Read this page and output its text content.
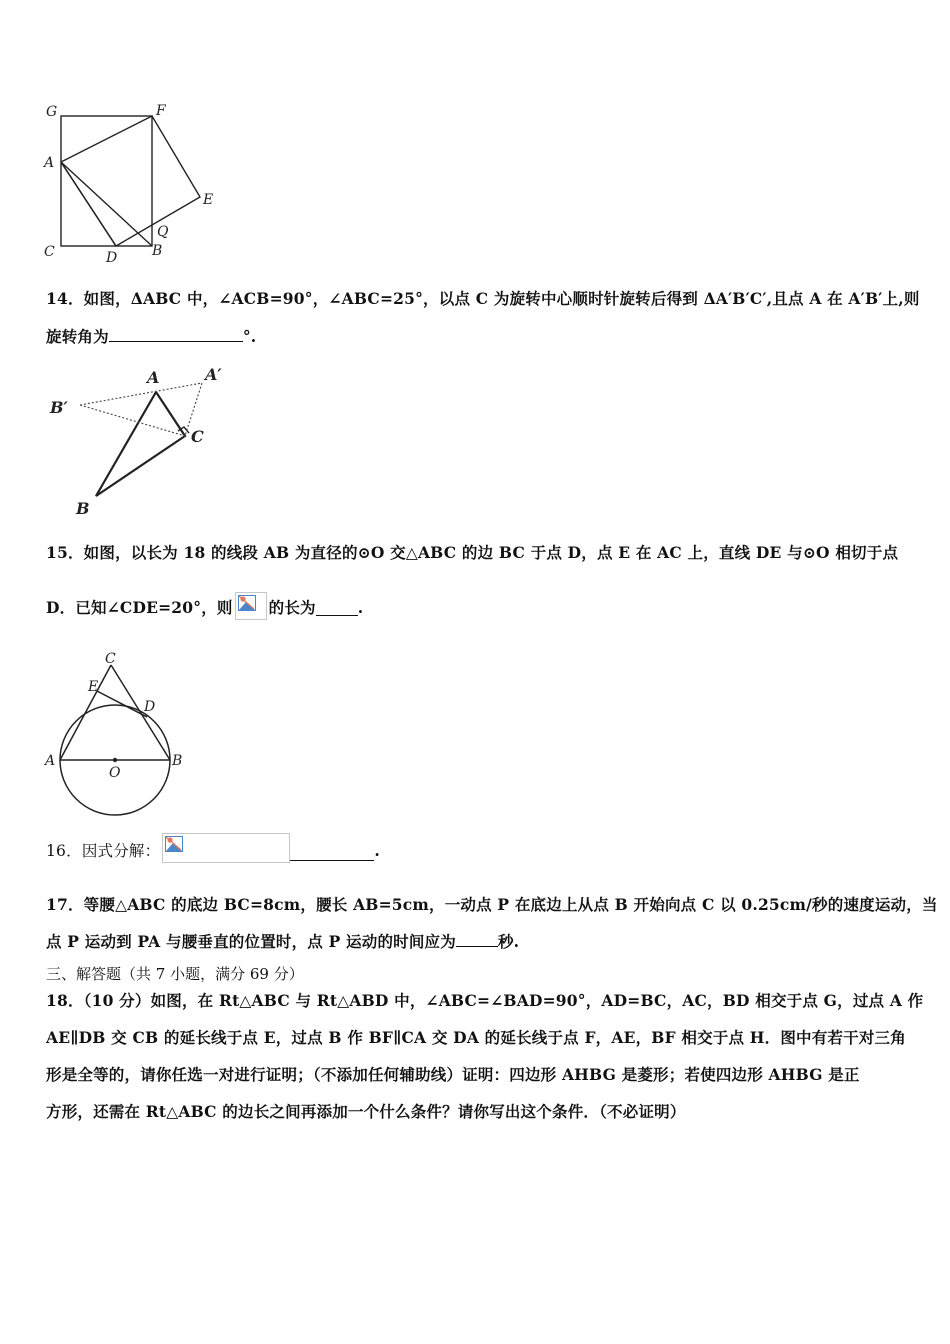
G	F
A
E
C	D B
Q
14．如图，ΔABC 中，∠ACB=90°，∠ABC=25°，以点 C 为旋转中心顺时针旋转后得到 ΔA′B′C′,且点 A 在 A′B′上,则
旋转角为	°.
A	A′
B′
C
B
15．如图，以长为 18 的线段 AB 为直径的⊙O 交△ABC 的边 BC 于点 D，点 E 在 AC 上，直线 DE 与⊙O 相切于点
D．已知∠CDE=20°，则 的长为	.
C
E
D
A
O
B
16．因式分解：	.
17．等腰△ABC 的底边 BC=8cm，腰长 AB=5cm，一动点 P 在底边上从点 B 开始向点 C 以 0.25cm/秒的速度运动，当
点 P 运动到 PA 与腰垂直的位置时，点 P 运动的时间应为	秒.
三、解答题（共 7 小题，满分 69 分）
18．（10 分）如图，在 Rt△ABC 与 Rt△ABD 中，∠ABC=∠BAD=90°，AD=BC，AC，BD 相交于点 G，过点 A 作
AE∥DB 交 CB 的延长线于点 E，过点 B 作 BF∥CA 交 DA 的延长线于点 F，AE，BF 相交于点 H．图中有若干对三角
形是全等的，请你任选一对进行证明；（不添加任何辅助线）证明：四边形 AHBG 是菱形；若使四边形 AHBG 是正
方形，还需在 Rt△ABC 的边长之间再添加一个什么条件？请你写出这个条件．（不必证明）
